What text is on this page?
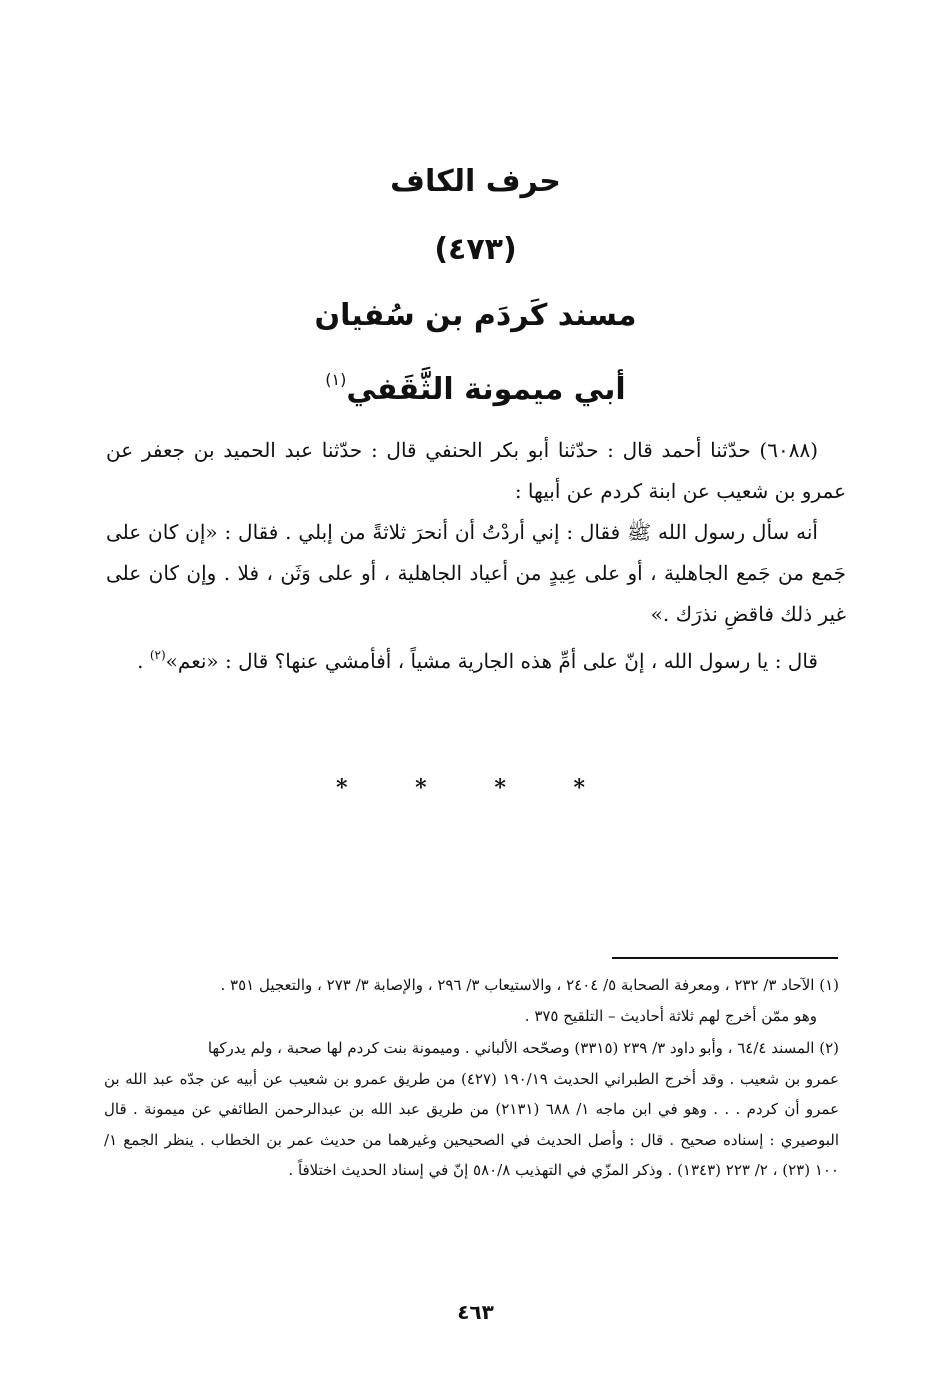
حرف الكاف
(٤٧٣)
مسند كَردَم بن سُفيان
أبي ميمونة الثَّقَفي$^{(١)}$

(٦٠٨٨) حدّثنا أحمد قال : حدّثنا أبو بكر الحنفي قال : حدّثنا عبد الحميد بن جعفر عن عمرو بن شعيب عن ابنة كردم عن أبيها :

أنه سأل رسول الله ﷺ فقال : إني أردْتُ أن أنحرَ ثلاثةً من إبلي . فقال : «إن كان على جَمع من جَمع الجاهلية ، أو على عِيدٍ من أعياد الجاهلية ، أو على وَثَن ، فلا . وإن كان على غير ذلك فاقضِ نذرَك .»

قال : يا رسول الله ، إنّ على أمِّ هذه الجارية مشياً ، أفأمشي عنها؟ قال : «نعم»$^{(٢)}$ .

* * * *

(١) الآحاد ٣/ ٢٣٢ ، ومعرفة الصحابة ٥/ ٢٤٠٤ ، والاستيعاب ٣/ ٢٩٦ ، والإصابة ٣/ ٢٧٣ ، والتعجيل ٣٥١ .

وهو ممّن أخرج لهم ثلاثة أحاديث – التلقيح ٣٧٥ .

(٢) المسند ٦٤/٤ ، وأبو داود ٣/ ٢٣٩ (٣٣١٥) وصحّحه الألباني . وميمونة بنت كردم لها صحبة ، ولم يدركها

عمرو بن شعيب . وقد أخرج الطبراني الحديث ١٩٠/١٩ (٤٢٧) من طريق عمرو بن شعيب عن أبيه عن جدّه عبد الله بن عمرو أن كردم . . . وهو في ابن ماجه ١/ ٦٨٨ (٢١٣١) من طريق عبد الله بن عبدالرحمن الطائفي عن ميمونة . قال البوصيري : إسناده صحيح . قال : وأصل الحديث في الصحيحين وغيرهما من حديث عمر بن الخطاب . ينظر الجمع ١/ ١٠٠ (٢٣) ، ٢/ ٢٢٣ (١٣٤٣) . وذكر المزّي في التهذيب ٥٨٠/٨ إنّ في إسناد الحديث اختلافاً .

٤٦٣
